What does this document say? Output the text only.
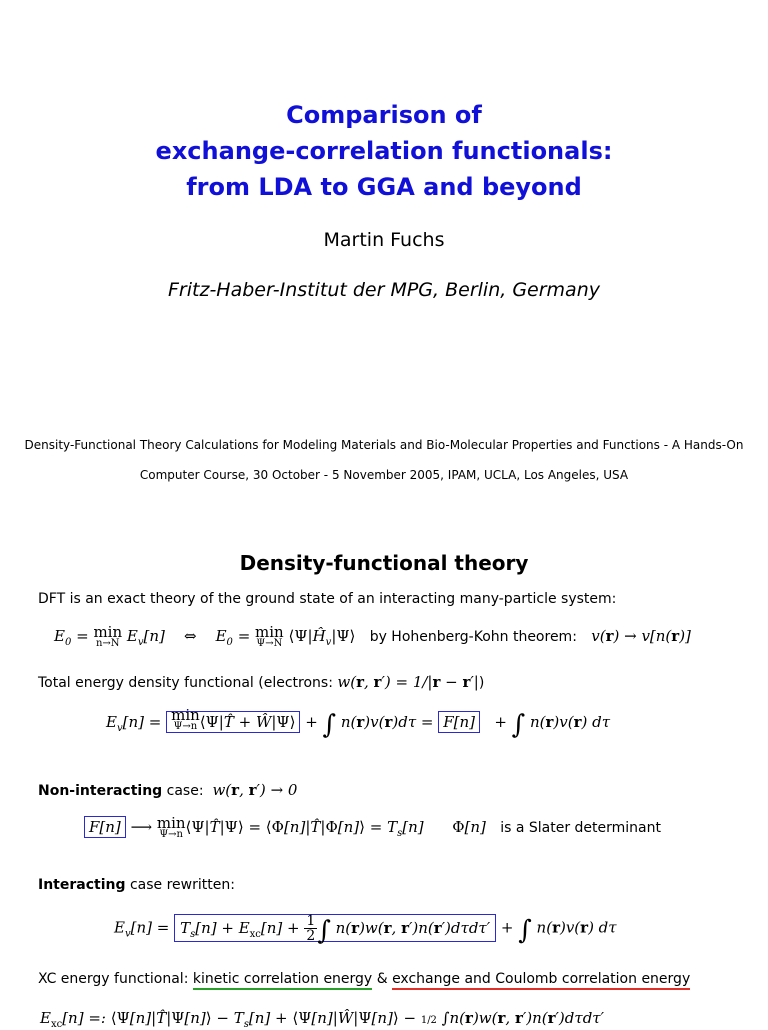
Comparison of
exchange-correlation functionals:
from LDA to GGA and beyond
Martin Fuchs
Fritz-Haber-Institut der MPG, Berlin, Germany
Density-Functional Theory Calculations for Modeling Materials and Bio-Molecular Properties and Functions - A Hands-On
Computer Course, 30 October - 5 November 2005, IPAM, UCLA, Los Angeles, USA
Density-functional theory
DFT is an exact theory of the ground state of an interacting many-particle system:
$E_0 = \min$
n→N $E_v[n]$    ⇔    $E_0 = \min$
Ψ→N $⟨\Psi|Ĥ_v|\Psi⟩$ by Hohenberg-Kohn theorem:   v(r) → v[n(r)]
Total energy density functional (electrons: w(r, r′) = 1/|r − r′|)
$E_v[n] = \min$
Ψ→n ⟨Ψ|T̂ + Ŵ|Ψ⟩ + ∫ n(r)v(r)dτ = F[n]   + ∫ n(r)v(r) dτ
Non-interacting case: w(r, r′) → 0
F[n] ⟶ min
Ψ→n ⟨Ψ|T̂|Ψ⟩ = ⟨Φ[n]|T̂|Φ[n]⟩ = $T_s[n]$      Φ[n]   is a Slater determinant
Interacting case rewritten:
$E_v[n] = T_s[n] + E_{xc}[n] + \frac{1}{2}$ ∫ n(r)w(r, r′)n(r′)dτdτ′ + ∫ n(r)v(r) dτ
XC energy functional: kinetic correlation energy & exchange and Coulomb correlation energy
$E_{xc}[n]$ =: ⟨Ψ[n]|T̂|Ψ[n]⟩ − $T_s[n]$ + ⟨Ψ[n]|Ŵ|Ψ[n]⟩ − 1/2 ∫n(r)w(r, r′)n(r′)dτdτ′
